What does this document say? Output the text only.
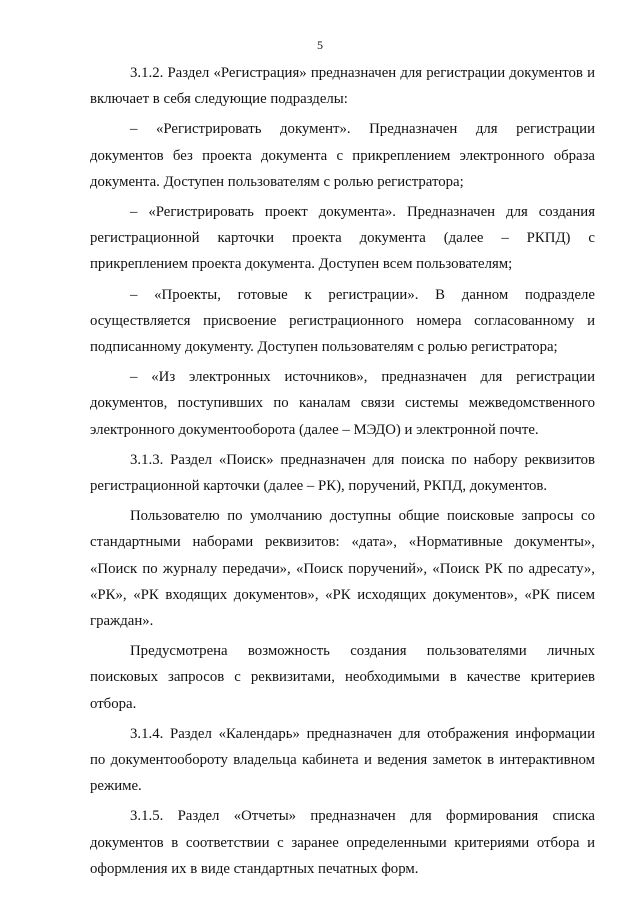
5

3.1.2. Раздел «Регистрация» предназначен для регистрации документов и включает в себя следующие подразделы:

– «Регистрировать документ». Предназначен для регистрации документов без проекта документа с прикреплением электронного образа документа. Доступен пользователям с ролью регистратора;

– «Регистрировать проект документа». Предназначен для создания регистрационной карточки проекта документа (далее – РКПД) с прикреплением проекта документа. Доступен всем пользователям;

– «Проекты, готовые к регистрации». В данном подразделе осуществляется присвоение регистрационного номера согласованному и подписанному документу. Доступен пользователям с ролью регистратора;

– «Из электронных источников», предназначен для регистрации документов, поступивших по каналам связи системы межведомственного электронного документооборота (далее – МЭДО) и электронной почте.

3.1.3. Раздел «Поиск» предназначен для поиска по набору реквизитов регистрационной карточки (далее – РК), поручений, РКПД, документов.

Пользователю по умолчанию доступны общие поисковые запросы со стандартными наборами реквизитов: «дата», «Нормативные документы», «Поиск по журналу передачи», «Поиск поручений», «Поиск РК по адресату», «РК», «РК входящих документов», «РК исходящих документов», «РК писем граждан».

Предусмотрена возможность создания пользователями личных поисковых запросов с реквизитами, необходимыми в качестве критериев отбора.

3.1.4. Раздел «Календарь» предназначен для отображения информации по документообороту владельца кабинета и ведения заметок в интерактивном режиме.

3.1.5. Раздел «Отчеты» предназначен для формирования списка документов в соответствии с заранее определенными критериями отбора и оформления их в виде стандартных печатных форм.
